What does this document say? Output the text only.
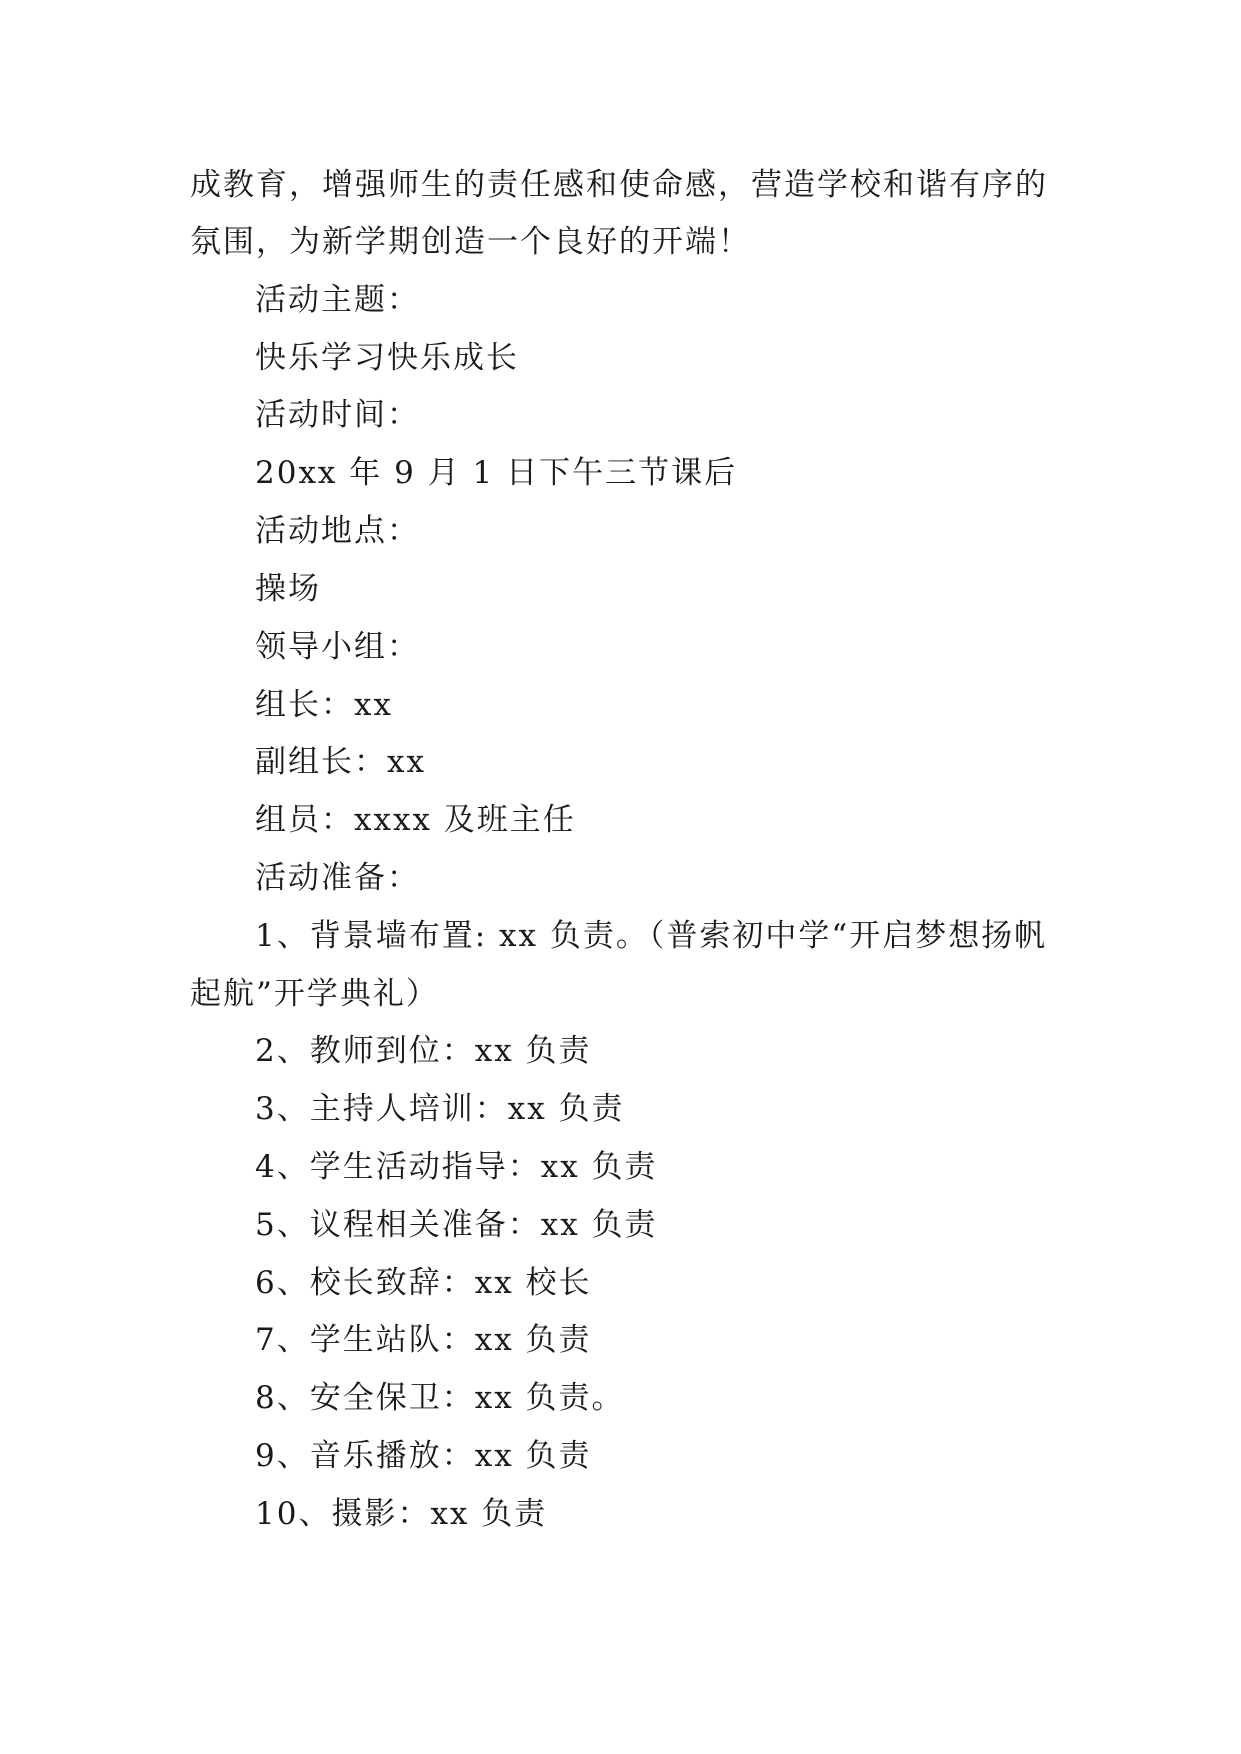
成教育，增强师生的责任感和使命感，营造学校和谐有序的
氛围，为新学期创造一个良好的开端！
活动主题：
快乐学习快乐成长
活动时间：
20xx 年 9 月 1 日下午三节课后
活动地点：
操场
领导小组：
组长：xx
副组长：xx
组员：xxxx 及班主任
活动准备：
1、背景墙布置: xx 负责。（普索初中学“开启梦想扬帆
起航”开学典礼）
2、教师到位：xx 负责
3、主持人培训：xx 负责
4、学生活动指导：xx 负责
5、议程相关准备：xx 负责
6、校长致辞：xx 校长
7、学生站队：xx 负责
8、安全保卫：xx 负责。
9、音乐播放：xx 负责
10、摄影：xx 负责
